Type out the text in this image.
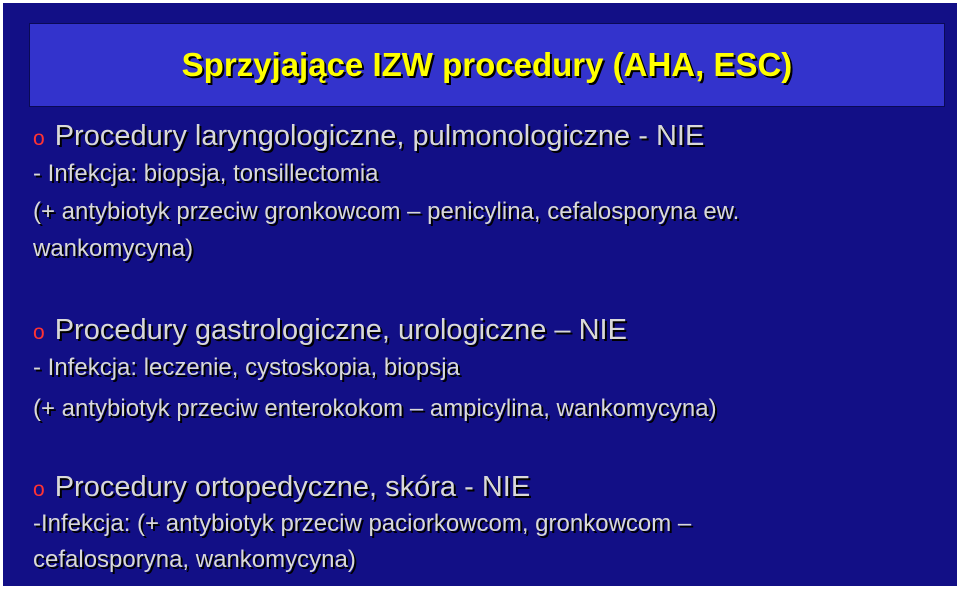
Sprzyjające IZW procedury (AHA, ESC)
o Procedury laryngologiczne, pulmonologiczne - NIE
- Infekcja: biopsja, tonsillectomia
(+ antybiotyk przeciw gronkowcom – penicylina, cefalosporyna ew.
wankomycyna)
o Procedury gastrologiczne, urologiczne – NIE
- Infekcja: leczenie, cystoskopia, biopsja
(+ antybiotyk przeciw enterokokom – ampicylina, wankomycyna)
o Procedury ortopedyczne, skóra - NIE
-Infekcja: (+ antybiotyk przeciw paciorkowcom, gronkowcom –
cefalosporyna, wankomycyna)
